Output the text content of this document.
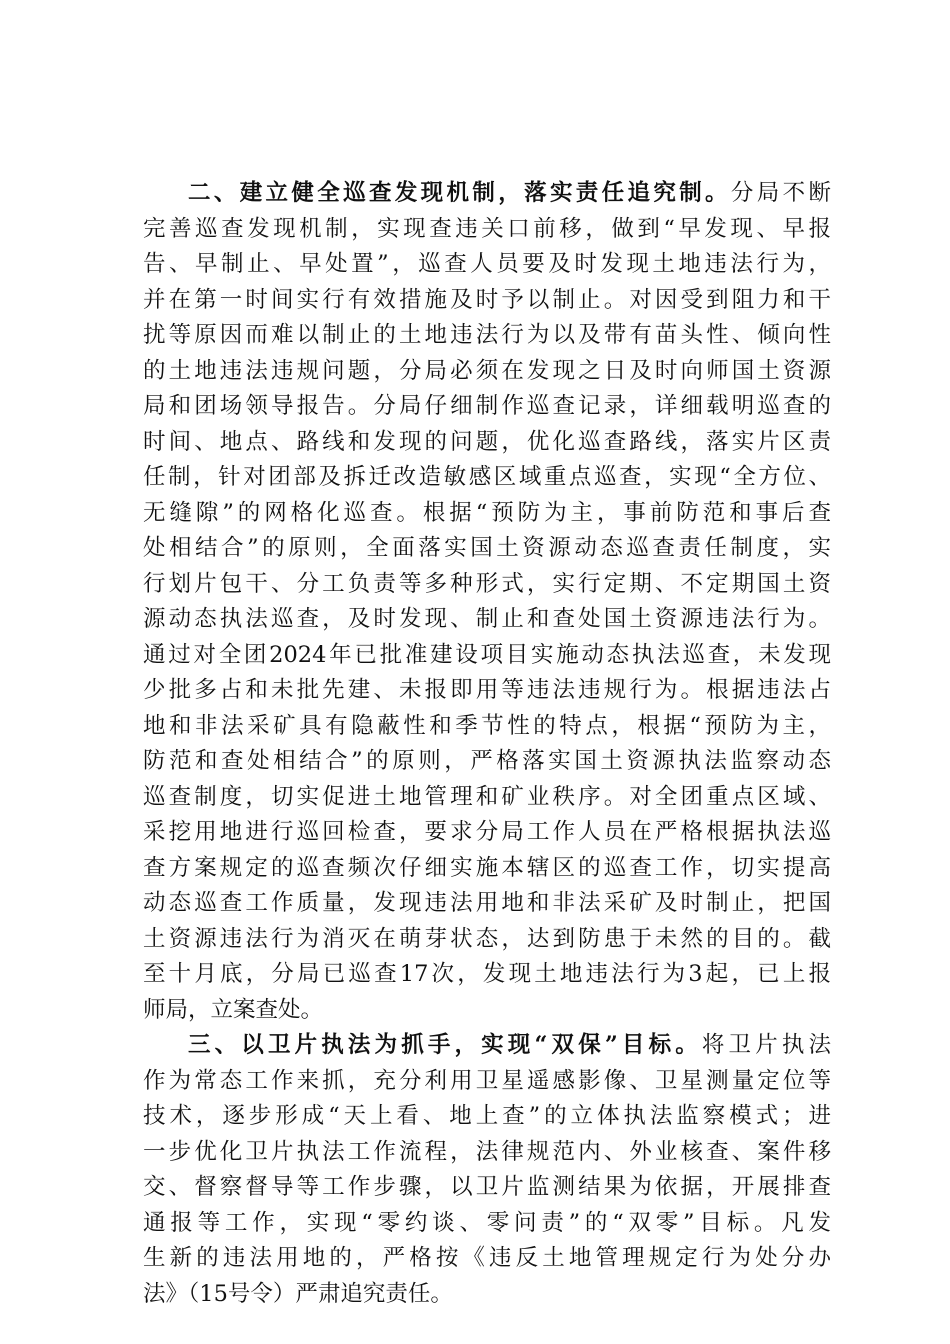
二、建立健全巡查发现机制，落实责任追究制。分局不断
完善巡查发现机制，实现查违关口前移，做到“早发现、早报
告、早制止、早处置”，巡查人员要及时发现土地违法行为，
并在第一时间实行有效措施及时予以制止。对因受到阻力和干
扰等原因而难以制止的土地违法行为以及带有苗头性、倾向性
的土地违法违规问题，分局必须在发现之日及时向师国土资源
局和团场领导报告。分局仔细制作巡查记录，详细载明巡查的
时间、地点、路线和发现的问题，优化巡查路线，落实片区责
任制，针对团部及拆迁改造敏感区域重点巡查，实现“全方位、
无缝隙”的网格化巡查。根据“预防为主，事前防范和事后查
处相结合”的原则，全面落实国土资源动态巡查责任制度，实
行划片包干、分工负责等多种形式，实行定期、不定期国土资
源动态执法巡查，及时发现、制止和查处国土资源违法行为。
通过对全团2024年已批准建设项目实施动态执法巡查，未发现
少批多占和未批先建、未报即用等违法违规行为。根据违法占
地和非法采矿具有隐蔽性和季节性的特点，根据“预防为主，
防范和查处相结合”的原则，严格落实国土资源执法监察动态
巡查制度，切实促进土地管理和矿业秩序。对全团重点区域、
采挖用地进行巡回检查，要求分局工作人员在严格根据执法巡
查方案规定的巡查频次仔细实施本辖区的巡查工作，切实提高
动态巡查工作质量，发现违法用地和非法采矿及时制止，把国
土资源违法行为消灭在萌芽状态，达到防患于未然的目的。截
至十月底，分局已巡查17次，发现土地违法行为3起，已上报
师局，立案查处。
三、以卫片执法为抓手，实现“双保”目标。将卫片执法
作为常态工作来抓，充分利用卫星遥感影像、卫星测量定位等
技术，逐步形成“天上看、地上查”的立体执法监察模式；进
一步优化卫片执法工作流程，法律规范内、外业核查、案件移
交、督察督导等工作步骤，以卫片监测结果为依据，开展排查
通报等工作，实现“零约谈、零问责”的“双零”目标。凡发
生新的违法用地的，严格按《违反土地管理规定行为处分办
法》（15号令）严肃追究责任。
